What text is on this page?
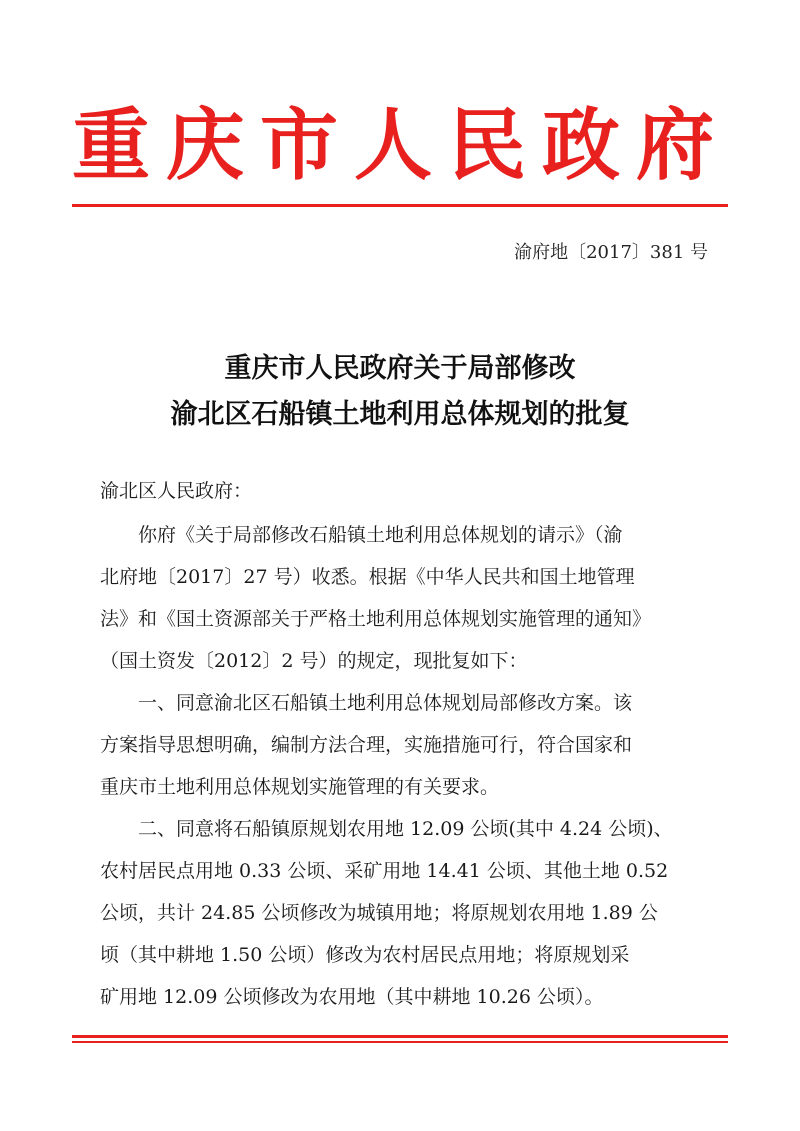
重庆市人民政府
渝府地〔2017〕381 号
重庆市人民政府关于局部修改
渝北区石船镇土地利用总体规划的批复
渝北区人民政府：
你府《关于局部修改石船镇土地利用总体规划的请示》（渝
北府地〔2017〕27 号）收悉。根据《中华人民共和国土地管理
法》和《国土资源部关于严格土地利用总体规划实施管理的通知》
（国土资发〔2012〕2 号）的规定，现批复如下：
一、同意渝北区石船镇土地利用总体规划局部修改方案。该
方案指导思想明确，编制方法合理，实施措施可行，符合国家和
重庆市土地利用总体规划实施管理的有关要求。
二、同意将石船镇原规划农用地 12.09 公顷(其中 4.24 公顷)、
农村居民点用地 0.33 公顷、采矿用地 14.41 公顷、其他土地 0.52
公顷，共计 24.85 公顷修改为城镇用地；将原规划农用地 1.89 公
顷（其中耕地 1.50 公顷）修改为农村居民点用地；将原规划采
矿用地 12.09 公顷修改为农用地（其中耕地 10.26 公顷）。
